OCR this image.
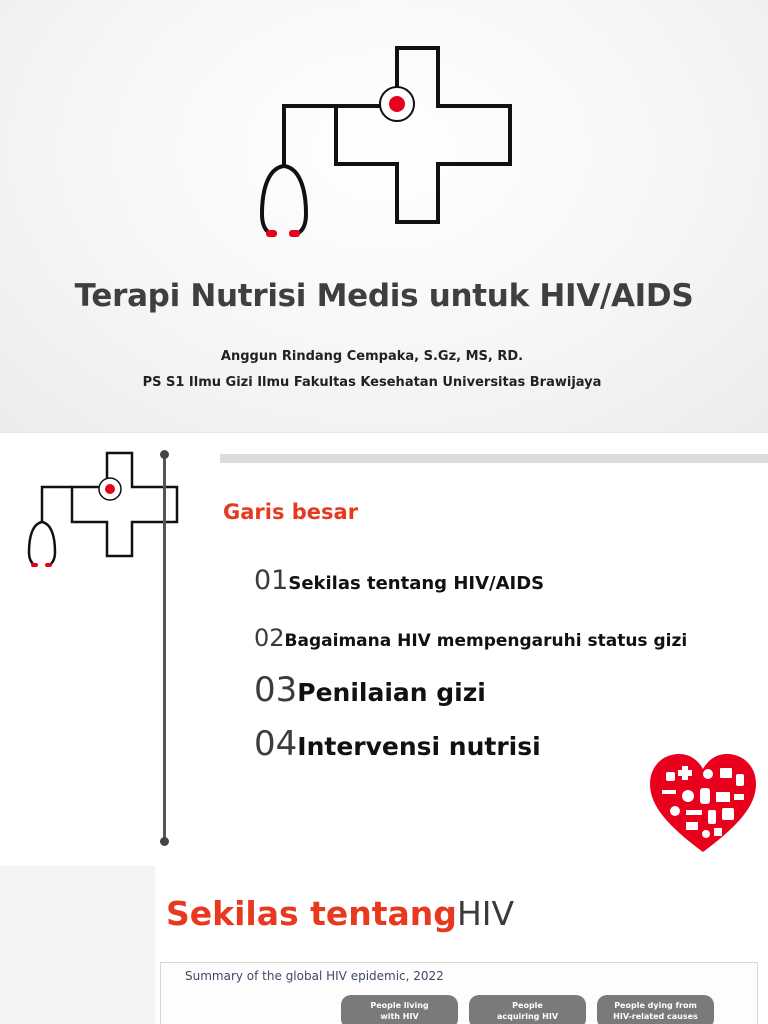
Terapi Nutrisi Medis untuk HIV/AIDS
Anggun Rindang Cempaka, S.Gz, MS, RD.
PS S1 Ilmu Gizi Ilmu Fakultas Kesehatan Universitas Brawijaya
Garis besar
01 Sekilas tentang HIV/AIDS
02 Bagaimana HIV mempengaruhi status gizi
03 Penilaian gizi
04 Intervensi nutrisi
Sekilas tentangHIV
Summary of the global HIV epidemic, 2022
People living
with HIV
People
acquiring HIV
People dying from
HIV-related causes
